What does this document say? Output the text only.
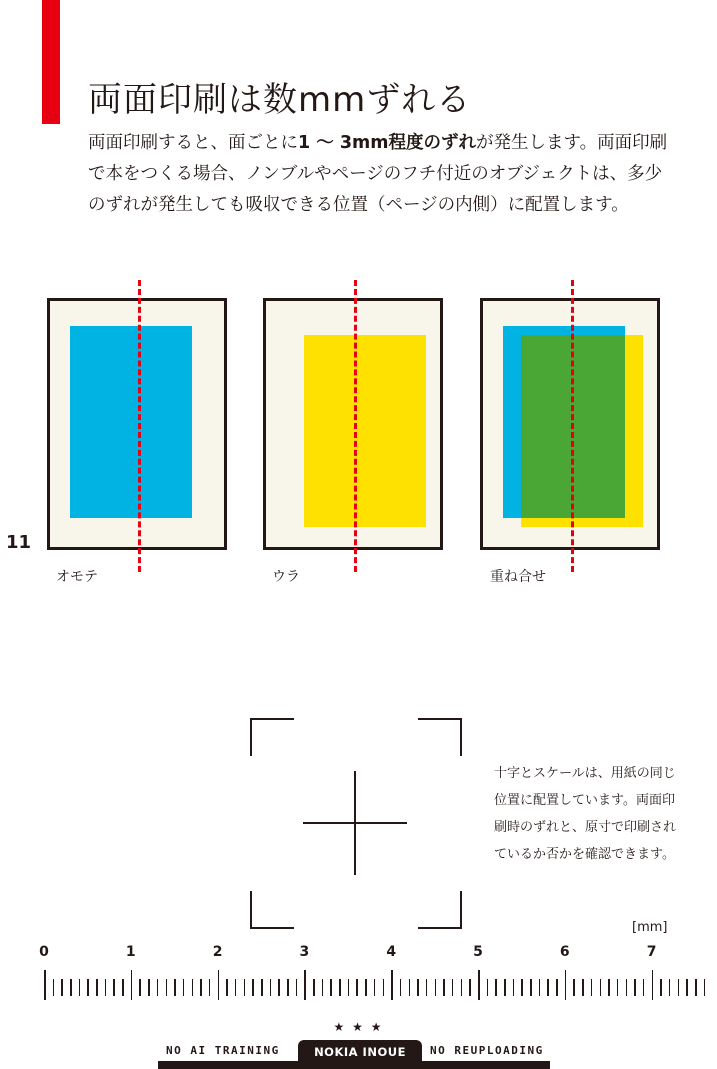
両面印刷は数mmずれる
両面印刷すると、面ごとに1 〜 3mm程度のずれが発生します。両面印刷で本をつくる場合、ノンブルやページのフチ付近のオブジェクトは、多少のずれが発生しても吸収できる位置（ページの内側）に配置します。
オモテ	ウラ	重ね合せ
11
十字とスケールは、用紙の同じ位置に配置しています。両面印刷時のずれと、原寸で印刷されているか否かを確認できます。
[mm]
0	1	2	3	4	5	6	7
★ ★ ★
NO AI TRAINING	NOKIA INOUE	NO REUPLOADING
